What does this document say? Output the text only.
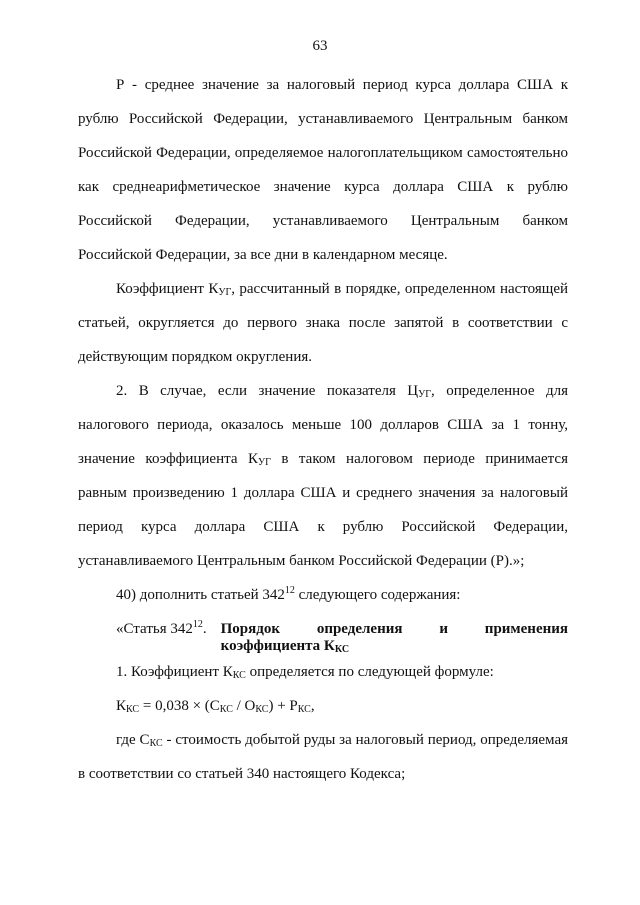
63

Р - среднее значение за налоговый период курса доллара США к рублю Российской Федерации, устанавливаемого Центральным банком Российской Федерации, определяемое налогоплательщиком самостоятельно как среднеарифметическое значение курса доллара США к рублю Российской Федерации, устанавливаемого Центральным банком Российской Федерации, за все дни в календарном месяце.

Коэффициент $К_{УГ}$, рассчитанный в порядке, определенном настоящей статьей, округляется до первого знака после запятой в соответствии с действующим порядком округления.

2. В случае, если значение показателя $Ц_{УГ}$, определенное для налогового периода, оказалось меньше 100 долларов США за 1 тонну, значение коэффициента $К_{УГ}$ в таком налоговом периоде принимается равным произведению 1 доллара США и среднего значения за налоговый период курса доллара США к рублю Российской Федерации, устанавливаемого Центральным банком Российской Федерации (Р).»;

40) дополнить статьей $342^{12}$ следующего содержания:

«Статья $342^{12}$. Порядок определения и применения
коэффициента $К_{КС}$

1. Коэффициент $К_{КС}$ определяется по следующей формуле:

$К_{КС} = 0,038 \times (С_{КС} / О_{КС}) + Р_{КС}$,

где $С_{КС}$ - стоимость добытой руды за налоговый период, определяемая в соответствии со статьей 340 настоящего Кодекса;
